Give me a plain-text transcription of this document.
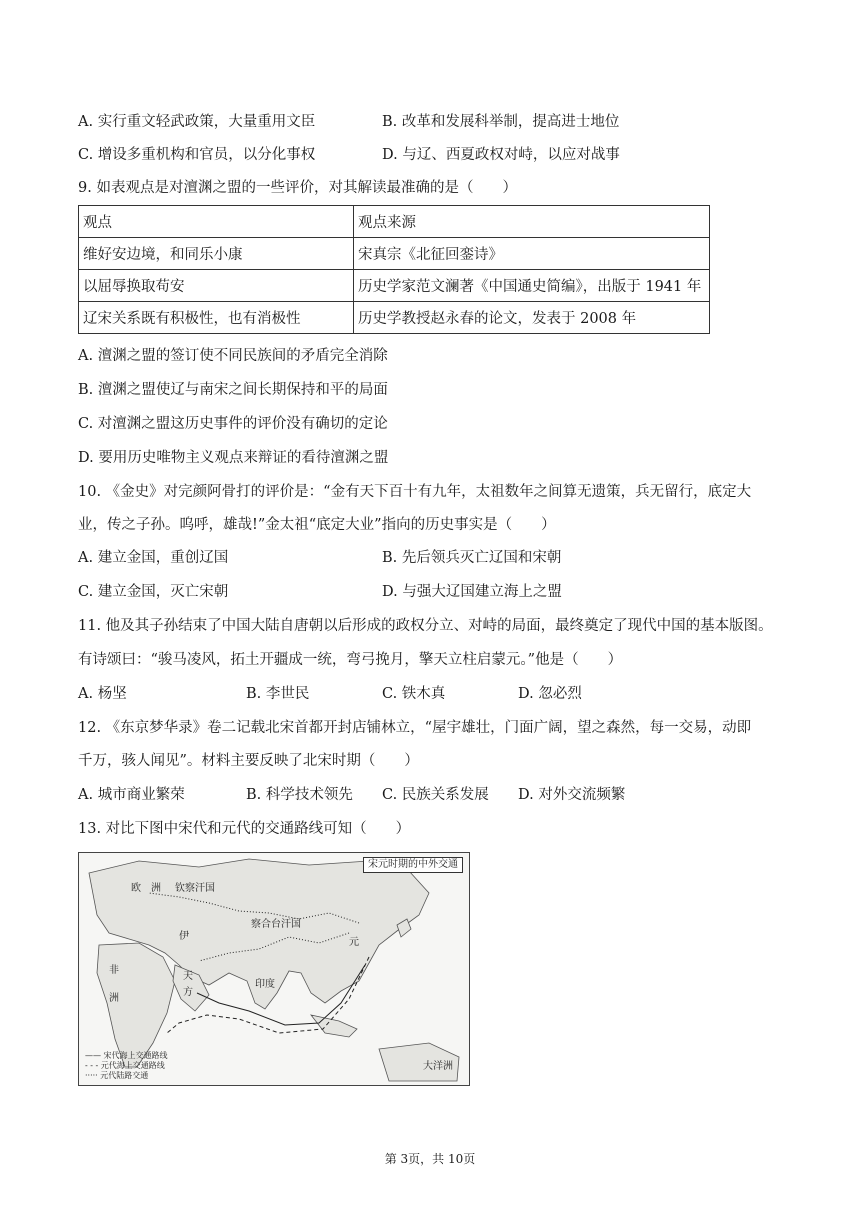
A. 实行重文轻武政策，大量重用文臣	B. 改革和发展科举制，提高进士地位
C. 增设多重机构和官员，以分化事权	D. 与辽、西夏政权对峙，以应对战事
9. 如表观点是对澶渊之盟的一些评价，对其解读最准确的是（　　）
观点	观点来源
维好安边境，和同乐小康	宋真宗《北征回銮诗》
以屈辱换取苟安	历史学家范文澜著《中国通史简编》，出版于 1941 年
辽宋关系既有积极性，也有消极性	历史学教授赵永春的论文，发表于 2008 年
A. 澶渊之盟的签订使不同民族间的矛盾完全消除
B. 澶渊之盟使辽与南宋之间长期保持和平的局面
C. 对澶渊之盟这历史事件的评价没有确切的定论
D. 要用历史唯物主义观点来辩证的看待澶渊之盟
10. 《金史》对完颜阿骨打的评价是：“金有天下百十有九年，太祖数年之间算无遗策，兵无留行，底定大
业，传之子孙。呜呼，雄哉!”金太祖“底定大业”指向的历史事实是（　　）
A. 建立金国，重创辽国	B. 先后领兵灭亡辽国和宋朝
C. 建立金国，灭亡宋朝	D. 与强大辽国建立海上之盟
11. 他及其子孙结束了中国大陆自唐朝以后形成的政权分立、对峙的局面，最终奠定了现代中国的基本版图。
有诗颂曰：“骏马凌风，拓土开疆成一统，弯弓挽月，擎天立柱启蒙元。”他是（　　）
A. 杨坚	B. 李世民	C. 铁木真	D. 忽必烈
12. 《东京梦华录》卷二记载北宋首都开封店铺林立，“屋宇雄壮，门面广阔，望之森然，每一交易，动即
千万，骇人闻见”。材料主要反映了北宋时期（　　）
A. 城市商业繁荣	B. 科学技术领先 C. 民族关系发展 D. 对外交流频繁
13. 对比下图中宋代和元代的交通路线可知（　　）
宋元时期的中外交通
欧　洲 钦察汗国
伊
察合台汗国
元
非
洲
天
方
印度
大洋洲
—— 宋代海上交通路线
- - - 元代海上交通路线
····· 元代陆路交通
第 3页，共 10页
